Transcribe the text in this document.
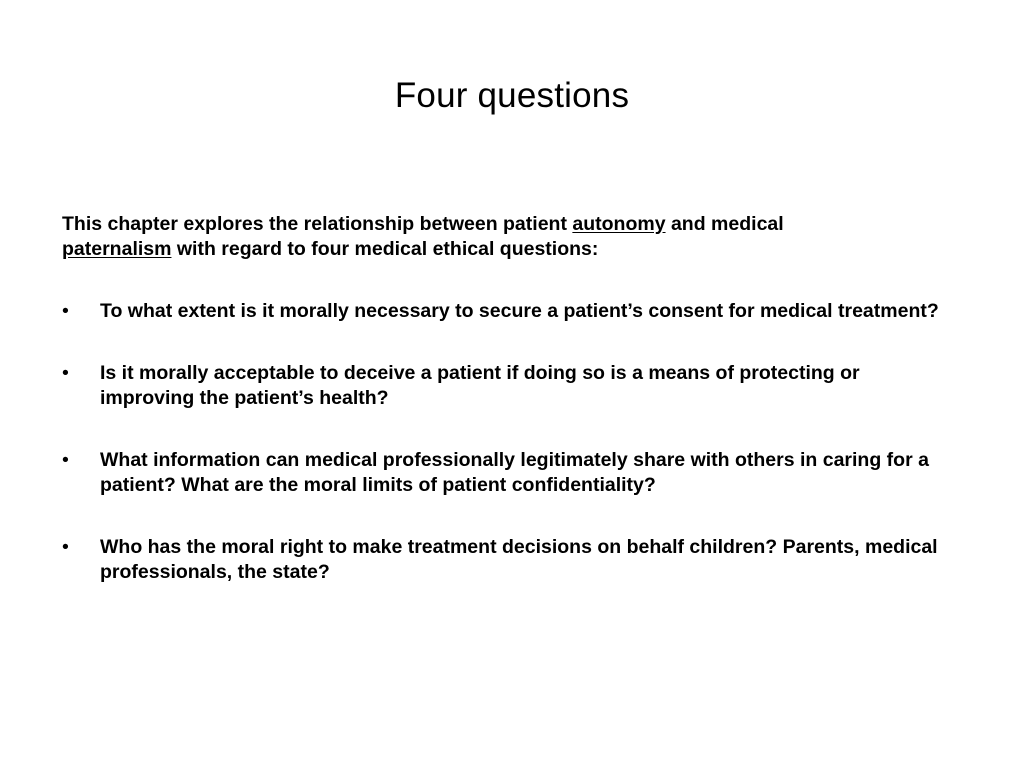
Four questions

This chapter explores the relationship between patient autonomy and medical
paternalism with regard to four medical ethical questions:

• To what extent is it morally necessary to secure a patient’s consent for medical treatment?
• Is it morally acceptable to deceive a patient if doing so is a means of protecting or improving the patient’s health?
• What information can medical professionally legitimately share with others in caring for a patient? What are the moral limits of patient confidentiality?
• Who has the moral right to make treatment decisions on behalf children? Parents, medical professionals, the state?
